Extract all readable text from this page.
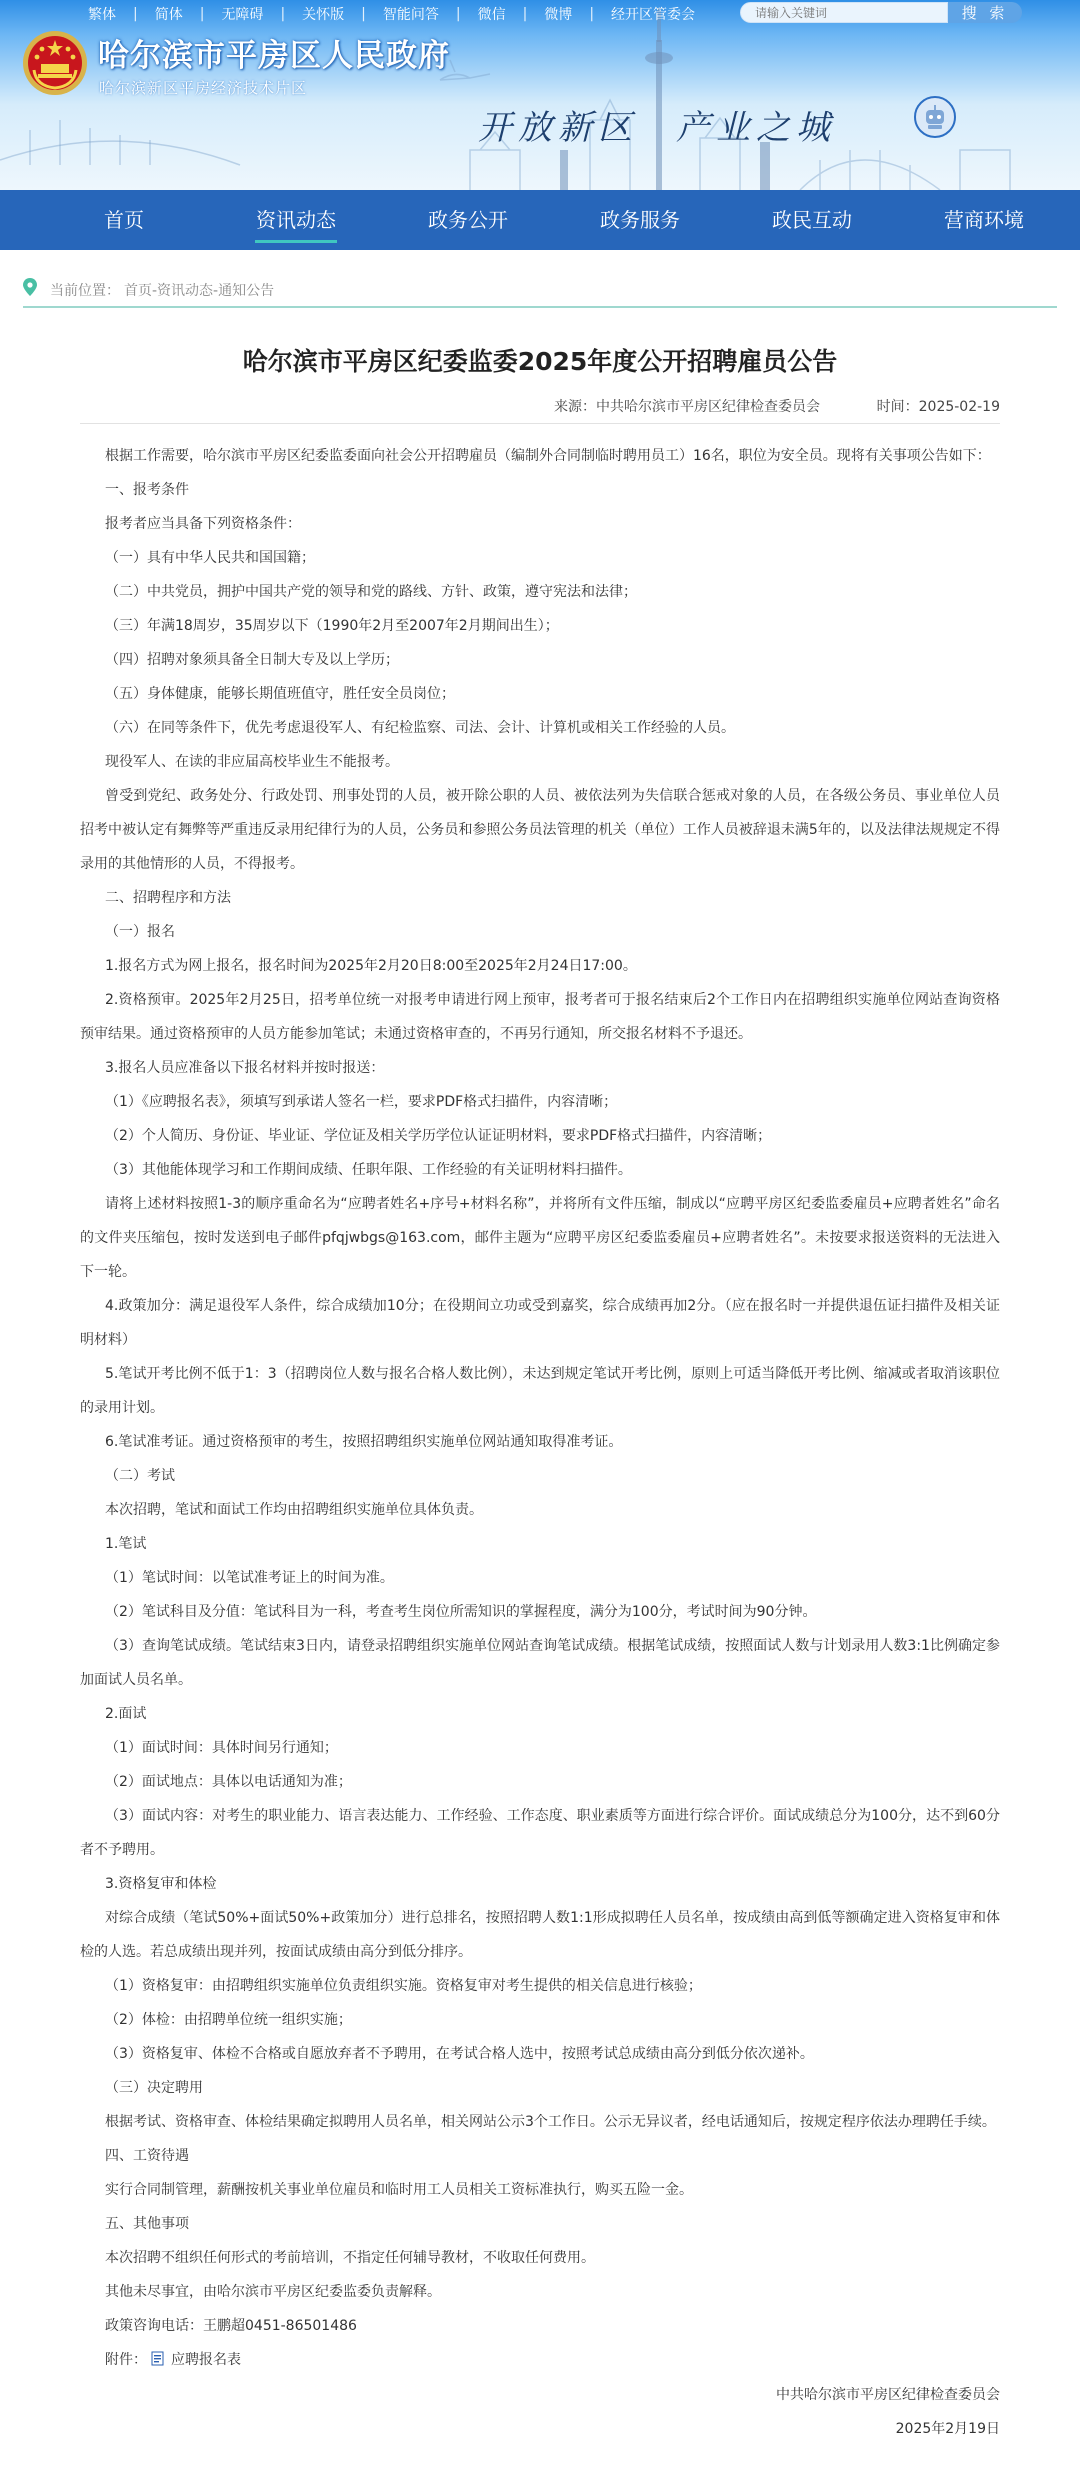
繁体 | 简体 | 无障碍 | 关怀版 | 智能问答 | 微信 | 微博 | 经开区管委会
请输入关键词	搜 索
哈尔滨市平房区人民政府
哈尔滨新区平房经济技术片区
开放新区 产业之城
首页	资讯动态	政务公开	政务服务	政民互动	营商环境
当前位置： 首页-资讯动态-通知公告
哈尔滨市平房区纪委监委2025年度公开招聘雇员公告
来源：中共哈尔滨市平房区纪律检查委员会	时间：2025-02-19

根据工作需要，哈尔滨市平房区纪委监委面向社会公开招聘雇员（编制外合同制临时聘用员工）16名，职位为安全员。现将有关事项公告如下：

一、报考条件

报考者应当具备下列资格条件：

（一）具有中华人民共和国国籍；

（二）中共党员，拥护中国共产党的领导和党的路线、方针、政策，遵守宪法和法律；

（三）年满18周岁，35周岁以下（1990年2月至2007年2月期间出生）；

（四）招聘对象须具备全日制大专及以上学历；

（五）身体健康，能够长期值班值守，胜任安全员岗位；

（六）在同等条件下，优先考虑退役军人、有纪检监察、司法、会计、计算机或相关工作经验的人员。

现役军人、在读的非应届高校毕业生不能报考。

曾受到党纪、政务处分、行政处罚、刑事处罚的人员，被开除公职的人员、被依法列为失信联合惩戒对象的人员，在各级公务员、事业单位人员招考中被认定有舞弊等严重违反录用纪律行为的人员，公务员和参照公务员法管理的机关（单位）工作人员被辞退未满5年的，以及法律法规规定不得录用的其他情形的人员，不得报考。

二、招聘程序和方法

（一）报名

1.报名方式为网上报名，报名时间为2025年2月20日8:00至2025年2月24日17:00。

2.资格预审。2025年2月25日，招考单位统一对报考申请进行网上预审，报考者可于报名结束后2个工作日内在招聘组织实施单位网站查询资格预审结果。通过资格预审的人员方能参加笔试；未通过资格审查的，不再另行通知，所交报名材料不予退还。

3.报名人员应准备以下报名材料并按时报送：

（1）《应聘报名表》，须填写到承诺人签名一栏，要求PDF格式扫描件，内容清晰；

（2）个人简历、身份证、毕业证、学位证及相关学历学位认证证明材料，要求PDF格式扫描件，内容清晰；

（3）其他能体现学习和工作期间成绩、任职年限、工作经验的有关证明材料扫描件。

请将上述材料按照1-3的顺序重命名为“应聘者姓名+序号+材料名称”，并将所有文件压缩，制成以“应聘平房区纪委监委雇员+应聘者姓名”命名的文件夹压缩包，按时发送到电子邮件pfqjwbgs@163.com，邮件主题为“应聘平房区纪委监委雇员+应聘者姓名”。未按要求报送资料的无法进入下一轮。

4.政策加分：满足退役军人条件，综合成绩加10分；在役期间立功或受到嘉奖，综合成绩再加2分。（应在报名时一并提供退伍证扫描件及相关证明材料）

5.笔试开考比例不低于1：3（招聘岗位人数与报名合格人数比例），未达到规定笔试开考比例，原则上可适当降低开考比例、缩减或者取消该职位的录用计划。

6.笔试准考证。通过资格预审的考生，按照招聘组织实施单位网站通知取得准考证。

（二）考试

本次招聘，笔试和面试工作均由招聘组织实施单位具体负责。

1.笔试

（1）笔试时间：以笔试准考证上的时间为准。

（2）笔试科目及分值：笔试科目为一科，考查考生岗位所需知识的掌握程度，满分为100分，考试时间为90分钟。

（3）查询笔试成绩。笔试结束3日内，请登录招聘组织实施单位网站查询笔试成绩。根据笔试成绩，按照面试人数与计划录用人数3:1比例确定参加面试人员名单。

2.面试

（1）面试时间：具体时间另行通知；

（2）面试地点：具体以电话通知为准；

（3）面试内容：对考生的职业能力、语言表达能力、工作经验、工作态度、职业素质等方面进行综合评价。面试成绩总分为100分，达不到60分者不予聘用。

3.资格复审和体检

对综合成绩（笔试50%+面试50%+政策加分）进行总排名，按照招聘人数1:1形成拟聘任人员名单，按成绩由高到低等额确定进入资格复审和体检的人选。若总成绩出现并列，按面试成绩由高分到低分排序。

（1）资格复审：由招聘组织实施单位负责组织实施。资格复审对考生提供的相关信息进行核验；

（2）体检：由招聘单位统一组织实施；

（3）资格复审、体检不合格或自愿放弃者不予聘用，在考试合格人选中，按照考试总成绩由高分到低分依次递补。

（三）决定聘用

根据考试、资格审查、体检结果确定拟聘用人员名单，相关网站公示3个工作日。公示无异议者，经电话通知后，按规定程序依法办理聘任手续。

四、工资待遇

实行合同制管理，薪酬按机关事业单位雇员和临时用工人员相关工资标准执行，购买五险一金。

五、其他事项

本次招聘不组织任何形式的考前培训，不指定任何辅导教材，不收取任何费用。

其他未尽事宜，由哈尔滨市平房区纪委监委负责解释。

政策咨询电话：王鹏超0451-86501486

附件： 应聘报名表
中共哈尔滨市平房区纪律检查委员会
2025年2月19日
